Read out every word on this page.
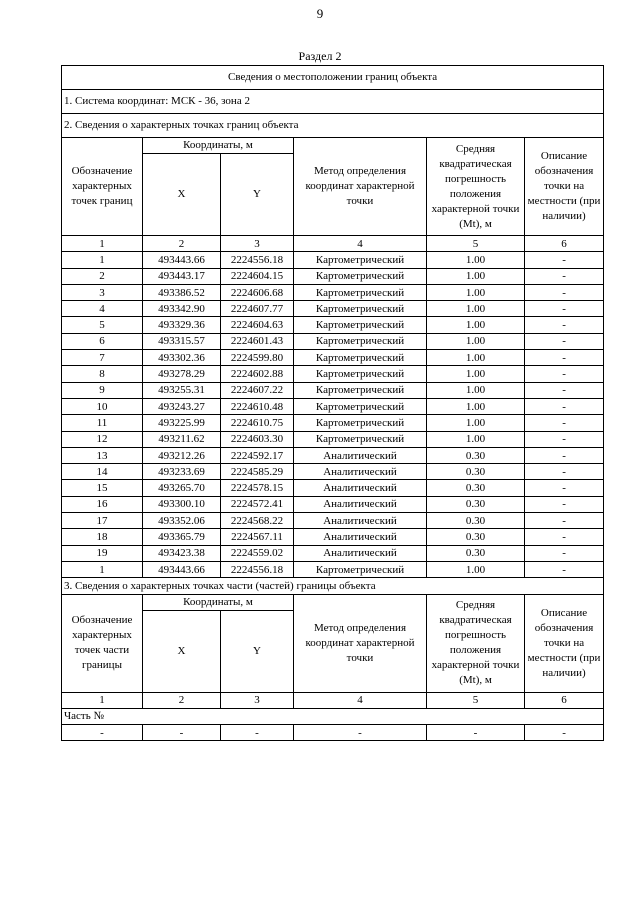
9
Раздел 2
Сведения о местоположении границ объекта					
1. Система координат: МСК - 36, зона 2					
2. Сведения о характерных точках границ объекта					
Обозначение характерных точек границ	Координаты, м		Метод определения координат характерной точки	Средняя квадратическая погрешность положения характерной точки (Mt), м	Описание обозначения точки на местности (при наличии)
	X	Y			
1	2	3	4	5	6
1	493443.66	2224556.18	Картометрический	1.00	-
2	493443.17	2224604.15	Картометрический	1.00	-
3	493386.52	2224606.68	Картометрический	1.00	-
4	493342.90	2224607.77	Картометрический	1.00	-
5	493329.36	2224604.63	Картометрический	1.00	-
6	493315.57	2224601.43	Картометрический	1.00	-
7	493302.36	2224599.80	Картометрический	1.00	-
8	493278.29	2224602.88	Картометрический	1.00	-
9	493255.31	2224607.22	Картометрический	1.00	-
10	493243.27	2224610.48	Картометрический	1.00	-
11	493225.99	2224610.75	Картометрический	1.00	-
12	493211.62	2224603.30	Картометрический	1.00	-
13	493212.26	2224592.17	Аналитический	0.30	-
14	493233.69	2224585.29	Аналитический	0.30	-
15	493265.70	2224578.15	Аналитический	0.30	-
16	493300.10	2224572.41	Аналитический	0.30	-
17	493352.06	2224568.22	Аналитический	0.30	-
18	493365.79	2224567.11	Аналитический	0.30	-
19	493423.38	2224559.02	Аналитический	0.30	-
1	493443.66	2224556.18	Картометрический	1.00	-
3. Сведения о характерных точках части (частей) границы объекта					
Обозначение характерных точек части границы	Координаты, м		Метод определения координат характерной точки	Средняя квадратическая погрешность положения характерной точки (Mt), м	Описание обозначения точки на местности (при наличии)
	X	Y			
1	2	3	4	5	6
Часть №					
-	-	-	-	-	-
